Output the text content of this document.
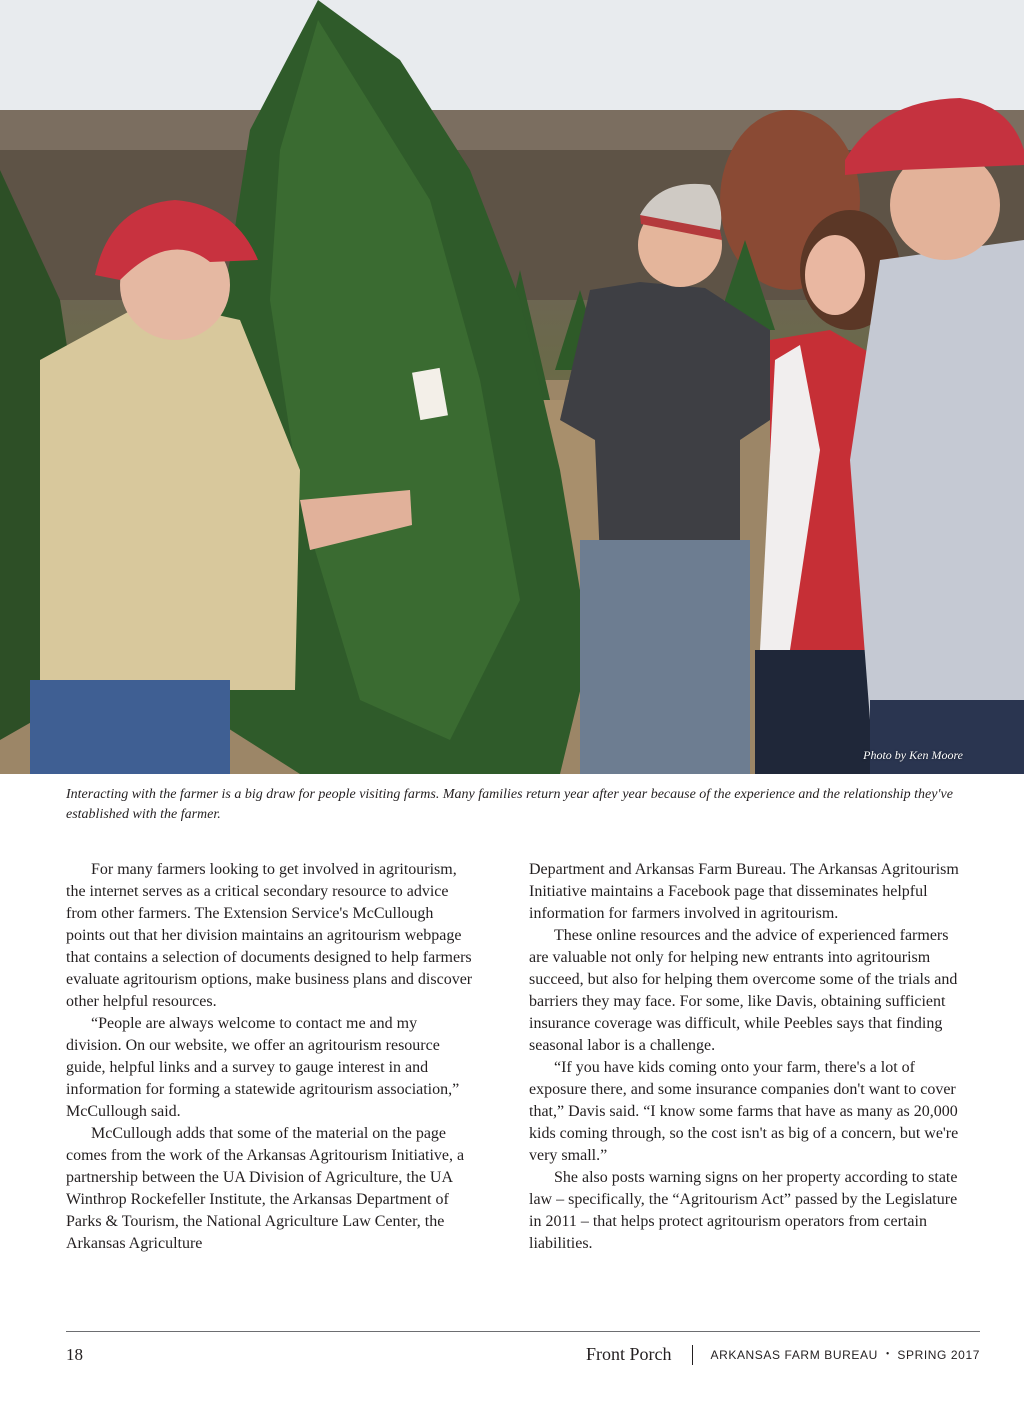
Photo by Ken Moore
Interacting with the farmer is a big draw for people visiting farms. Many families return year after year because of the experience and the relationship they've established with the farmer.

For many farmers looking to get involved in agritourism, the internet serves as a critical secondary resource to advice from other farmers. The Extension Service's McCullough points out that her division maintains an agritourism webpage that contains a selection of documents designed to help farmers evaluate agritourism options, make business plans and discover other helpful resources.

“People are always welcome to contact me and my division. On our website, we offer an agritourism resource guide, helpful links and a survey to gauge interest in and information for forming a statewide agritourism association,” McCullough said.

McCullough adds that some of the material on the page comes from the work of the Arkansas Agritourism Initiative, a partnership between the UA Division of Agriculture, the UA Winthrop Rockefeller Institute, the Arkansas Department of Parks & Tourism, the National Agriculture Law Center, the Arkansas Agriculture

Department and Arkansas Farm Bureau. The Arkansas Agritourism Initiative maintains a Facebook page that disseminates helpful information for farmers involved in agritourism.

These online resources and the advice of experienced farmers are valuable not only for helping new entrants into agritourism succeed, but also for helping them overcome some of the trials and barriers they may face. For some, like Davis, obtaining sufficient insurance coverage was difficult, while Peebles says that finding seasonal labor is a challenge.

“If you have kids coming onto your farm, there's a lot of exposure there, and some insurance companies don't want to cover that,” Davis said. “I know some farms that have as many as 20,000 kids coming through, so the cost isn't as big of a concern, but we're very small.”

She also posts warning signs on her property according to state law – specifically, the “Agritourism Act” passed by the Legislature in 2011 – that helps protect agritourism operators from certain liabilities.

18	Front Porch	ARKANSAS FARM BUREAU • SPRING 2017
